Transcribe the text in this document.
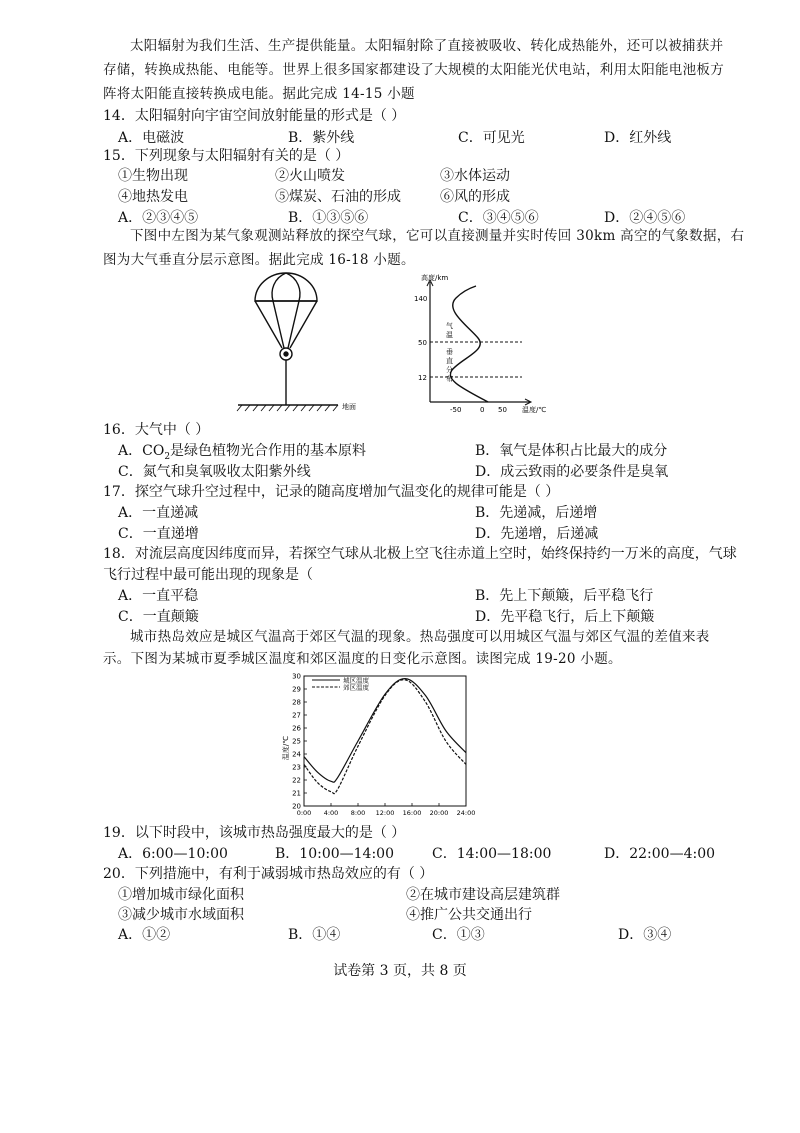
太阳辐射为我们生活、生产提供能量。太阳辐射除了直接被吸收、转化成热能外，还可以被捕获并
存储，转换成热能、电能等。世界上很多国家都建设了大规模的太阳能光伏电站，利用太阳能电池板方
阵将太阳能直接转换成电能。据此完成 14-15 小题
14．太阳辐射向宇宙空间放射能量的形式是（ ）
A．电磁波	B．紫外线	C．可见光	D．红外线
15．下列现象与太阳辐射有关的是（ ）
①生物出现	②火山喷发	③水体运动
④地热发电	⑤煤炭、石油的形成	⑥风的形成
A．②③④⑤	B．①③⑤⑥	C．③④⑤⑥	D．②④⑤⑥
下图中左图为某气象观测站释放的探空气球，它可以直接测量并实时传回 30km 高空的气象数据，右
图为大气垂直分层示意图。据此完成 16-18 小题。
地面
高度/km
140
50
12
气
温
垂
直
分
布
-50	0 50 温度/℃
16．大气中（ ）
A．$CO_2$是绿色植物光合作用的基本原料	B．氧气是体积占比最大的成分
C．氮气和臭氧吸收太阳紫外线	D．成云致雨的必要条件是臭氧
17．探空气球升空过程中，记录的随高度增加气温变化的规律可能是（ ）
A．一直递减	B．先递减，后递增
C．一直递增	D．先递增，后递减
18．对流层高度因纬度而异，若探空气球从北极上空飞往赤道上空时，始终保持约一万米的高度，气球
飞行过程中最可能出现的现象是（
A．一直平稳	B．先上下颠簸，后平稳飞行
C．一直颠簸	D．先平稳飞行，后上下颠簸
城市热岛效应是城区气温高于郊区气温的现象。热岛强度可以用城区气温与郊区气温的差值来表
示。下图为某城市夏季城区温度和郊区温度的日变化示意图。读图完成 19-20 小题。
20
21
22
23
24
25
26
27
28
29
30
0:00 4:00 8:00 12:00 16:00 20:00 24:00
城区温度
郊区温度
温度/℃
19．以下时段中，该城市热岛强度最大的是（ ）
A．6:00—10:00	B．10:00—14:00	C．14:00—18:00	D．22:00—4:00
20．下列措施中，有利于减弱城市热岛效应的有（ ）
①增加城市绿化面积	②在城市建设高层建筑群
③减少城市水域面积	④推广公共交通出行
A．①②	B．①④	C．①③	D．③④
试卷第 3 页，共 8 页
